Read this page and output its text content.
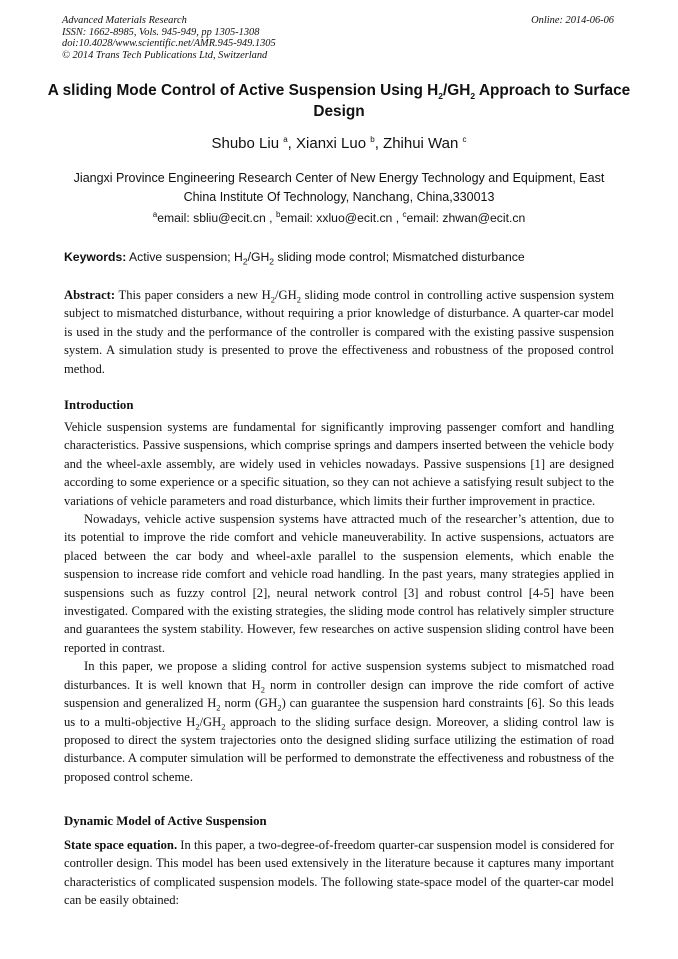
Advanced Materials Research
ISSN: 1662-8985, Vols. 945-949, pp 1305-1308
doi:10.4028/www.scientific.net/AMR.945-949.1305
© 2014 Trans Tech Publications Ltd, Switzerland
Online: 2014-06-06
A sliding Mode Control of Active Suspension Using $H_2/GH_2$ Approach to Surface Design
Shubo Liu $^a$, Xianxi Luo $^b$, Zhihui Wan $^c$
Jiangxi Province Engineering Research Center of New Energy Technology and Equipment, East China Institute Of Technology, Nanchang, China,330013
$^a$email: sbliu@ecit.cn , $^b$email: xxluo@ecit.cn , $^c$email: zhwan@ecit.cn
Keywords: Active suspension; $H_2/GH_2$ sliding mode control; Mismatched disturbance

Abstract: This paper considers a new $H_2/GH_2$ sliding mode control in controlling active suspension system subject to mismatched disturbance, without requiring a prior knowledge of disturbance. A quarter-car model is used in the study and the performance of the controller is compared with the existing passive suspension system. A simulation study is presented to prove the effectiveness and robustness of the proposed control method.

Introduction

Vehicle suspension systems are fundamental for significantly improving passenger comfort and handling characteristics. Passive suspensions, which comprise springs and dampers inserted between the vehicle body and the wheel-axle assembly, are widely used in vehicles nowadays. Passive suspensions [1] are designed according to some experience or a specific situation, so they can not achieve a satisfying result subject to the variations of vehicle parameters and road disturbance, which limits their further improvement in practice.

Nowadays, vehicle active suspension systems have attracted much of the researcher’s attention, due to its potential to improve the ride comfort and vehicle maneuverability. In active suspensions, actuators are placed between the car body and wheel-axle parallel to the suspension elements, which enable the suspension to increase ride comfort and vehicle road handling. In the past years, many strategies applied in suspensions such as fuzzy control [2], neural network control [3] and robust control [4-5] have been investigated. Compared with the existing strategies, the sliding mode control has relatively simpler structure and guarantees the system stability. However, few researches on active suspension sliding control have been reported in contrast.

In this paper, we propose a sliding control for active suspension systems subject to mismatched road disturbances. It is well known that $H_2$ norm in controller design can improve the ride comfort of active suspension and generalized $H_2$ norm $(GH_2)$ can guarantee the suspension hard constraints [6]. So this leads us to a multi-objective $H_2/GH_2$ approach to the sliding surface design. Moreover, a sliding control law is proposed to direct the system trajectories onto the designed sliding surface utilizing the estimation of road disturbance. A computer simulation will be performed to demonstrate the effectiveness and robustness of the proposed control scheme.

Dynamic Model of Active Suspension

State space equation. In this paper, a two-degree-of-freedom quarter-car suspension model is considered for controller design. This model has been used extensively in the literature because it captures many important characteristics of complicated suspension models. The following state-space model of the quarter-car model can be easily obtained:
